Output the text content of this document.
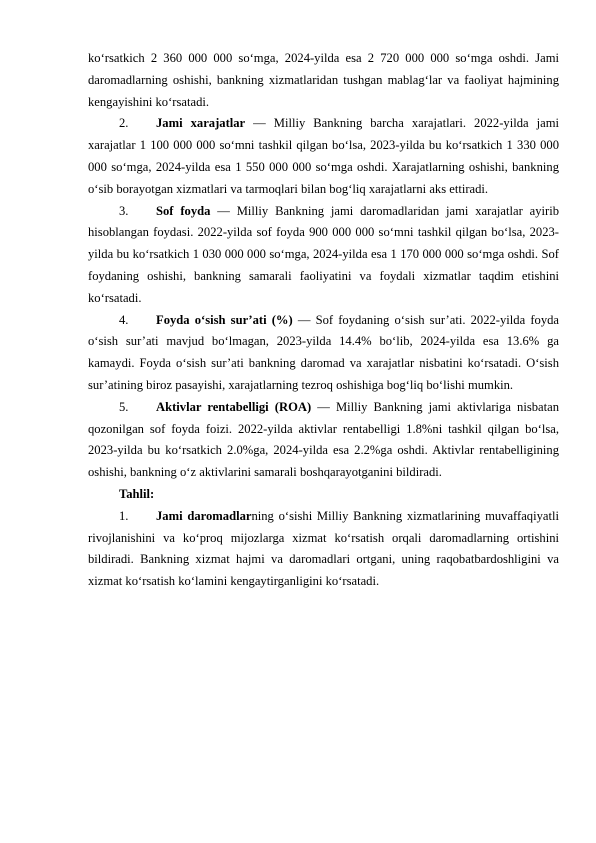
ko‘rsatkich 2 360 000 000 so‘mga, 2024-yilda esa 2 720 000 000 so‘mga oshdi. Jami daromadlarning oshishi, bankning xizmatlaridan tushgan mablag‘lar va faoliyat hajmining kengayishini ko‘rsatadi.

2. Jami xarajatlar — Milliy Bankning barcha xarajatlari. 2022-yilda jami xarajatlar 1 100 000 000 so‘mni tashkil qilgan bo‘lsa, 2023-yilda bu ko‘rsatkich 1 330 000 000 so‘mga, 2024-yilda esa 1 550 000 000 so‘mga oshdi. Xarajatlarning oshishi, bankning o‘sib borayotgan xizmatlari va tarmoqlari bilan bog‘liq xarajatlarni aks ettiradi.

3. Sof foyda — Milliy Bankning jami daromadlaridan jami xarajatlar ayirib hisoblangan foydasi. 2022-yilda sof foyda 900 000 000 so‘mni tashkil qilgan bo‘lsa, 2023-yilda bu ko‘rsatkich 1 030 000 000 so‘mga, 2024-yilda esa 1 170 000 000 so‘mga oshdi. Sof foydaning oshishi, bankning samarali faoliyatini va foydali xizmatlar taqdim etishini ko‘rsatadi.

4. Foyda o‘sish sur’ati (%) — Sof foydaning o‘sish sur’ati. 2022-yilda foyda o‘sish sur’ati mavjud bo‘lmagan, 2023-yilda 14.4% bo‘lib, 2024-yilda esa 13.6% ga kamaydi. Foyda o‘sish sur’ati bankning daromad va xarajatlar nisbatini ko‘rsatadi. O‘sish sur’atining biroz pasayishi, xarajatlarning tezroq oshishiga bog‘liq bo‘lishi mumkin.

5. Aktivlar rentabelligi (ROA) — Milliy Bankning jami aktivlariga nisbatan qozonilgan sof foyda foizi. 2022-yilda aktivlar rentabelligi 1.8%ni tashkil qilgan bo‘lsa, 2023-yilda bu ko‘rsatkich 2.0%ga, 2024-yilda esa 2.2%ga oshdi. Aktivlar rentabelligining oshishi, bankning o‘z aktivlarini samarali boshqarayotganini bildiradi.

Tahlil:

1. Jami daromadlarning o‘sishi Milliy Bankning xizmatlarining muvaffaqiyatli rivojlanishini va ko‘proq mijozlarga xizmat ko‘rsatish orqali daromadlarning ortishini bildiradi. Bankning xizmat hajmi va daromadlari ortgani, uning raqobatbardoshligini va xizmat ko‘rsatish ko‘lamini kengaytirganligini ko‘rsatadi.
